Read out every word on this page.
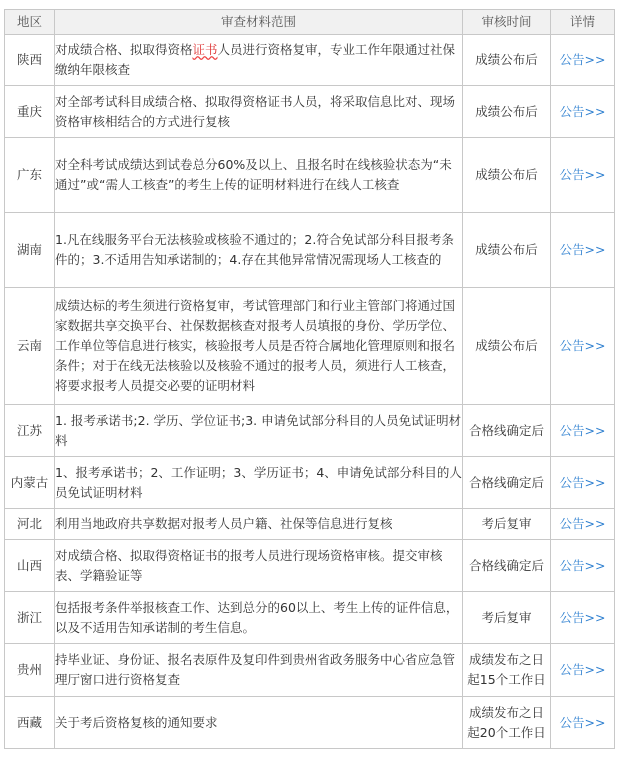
地区	审查材料范围	审核时间	详情
陕西	对成绩合格、拟取得资格证书人员进行资格复审，专业工作年限通过社保缴纳年限核查	成绩公布后	公告>>
重庆	对全部考试科目成绩合格、拟取得资格证书人员，将采取信息比对、现场资格审核相结合的方式进行复核	成绩公布后	公告>>
广东	对全科考试成绩达到试卷总分60%及以上、且报名时在线核验状态为“未通过”或“需人工核查”的考生上传的证明材料进行在线人工核查	成绩公布后	公告>>
湖南	1.凡在线服务平台无法核验或核验不通过的；2.符合免试部分科目报考条件的；3.不适用告知承诺制的；4.存在其他异常情况需现场人工核查的	成绩公布后	公告>>
云南	成绩达标的考生须进行资格复审，考试管理部门和行业主管部门将通过国家数据共享交换平台、社保数据核查对报考人员填报的身份、学历学位、工作单位等信息进行核实，核验报考人员是否符合属地化管理原则和报名条件；对于在线无法核验以及核验不通过的报考人员，须进行人工核查，将要求报考人员提交必要的证明材料	成绩公布后	公告>>
江苏	1. 报考承诺书;2. 学历、学位证书;3. 申请免试部分科目的人员免试证明材料	合格线确定后	公告>>
内蒙古	1、报考承诺书；2、工作证明；3、学历证书；4、申请免试部分科目的人员免试证明材料	合格线确定后	公告>>
河北	利用当地政府共享数据对报考人员户籍、社保等信息进行复核	考后复审	公告>>
山西	对成绩合格、拟取得资格证书的报考人员进行现场资格审核。提交审核表、学籍验证等	合格线确定后	公告>>
浙江	包括报考条件举报核查工作、达到总分的60以上、考生上传的证件信息，以及不适用告知承诺制的考生信息。	考后复审	公告>>
贵州	持毕业证、身份证、报名表原件及复印件到贵州省政务服务中心省应急管理厅窗口进行资格复查	成绩发布之日起15个工作日	公告>>
西藏	关于考后资格复核的通知要求	成绩发布之日起20个工作日	公告>>
